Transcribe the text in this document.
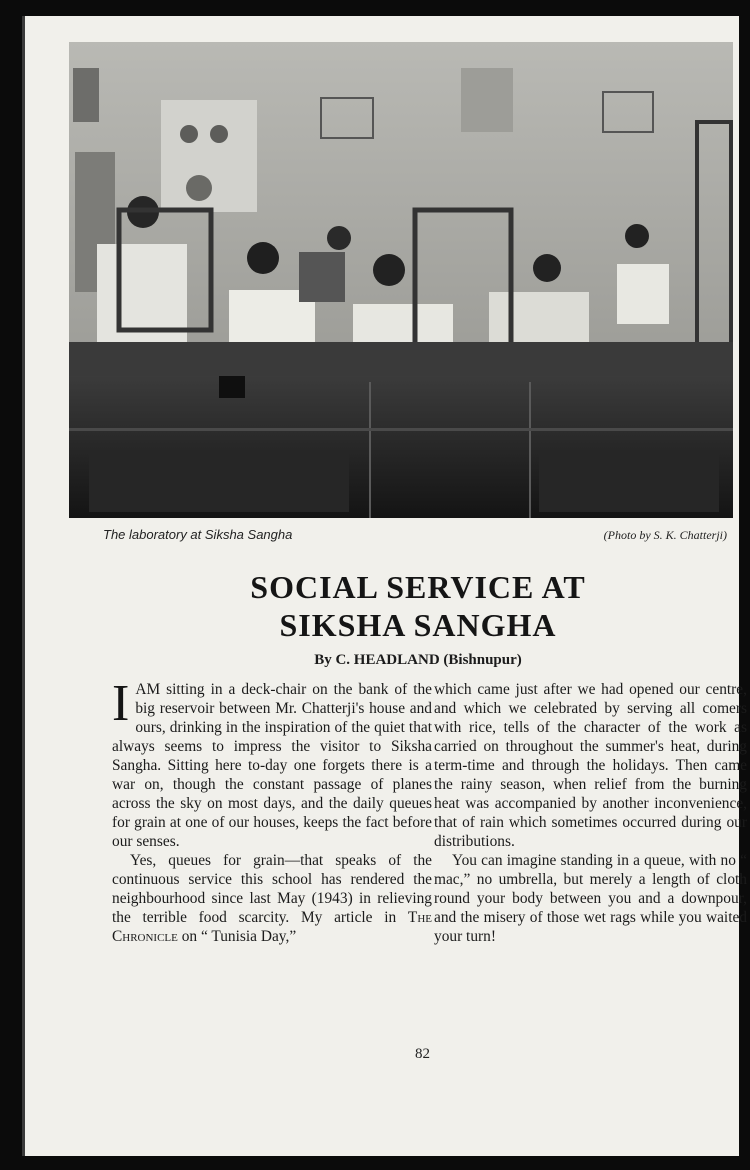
The laboratory at Siksha Sangha	(Photo by S. K. Chatterji)
SOCIAL SERVICE AT
SIKSHA SANGHA
By C. HEADLAND (Bishnupur)

IAM sitting in a deck-chair on the bank of the big reservoir between Mr. Chatterji's house and ours, drinking in the inspiration of the quiet that always seems to impress the visitor to Siksha Sangha. Sitting here to-day one forgets there is a war on, though the constant passage of planes across the sky on most days, and the daily queues for grain at one of our houses, keeps the fact before our senses.

Yes, queues for grain—that speaks of the continuous service this school has rendered the neighbourhood since last May (1943) in relieving the terrible food scarcity. My article in The Chronicle on “ Tunisia Day,”

which came just after we had opened our centre, and which we celebrated by serving all comers with rice, tells of the character of the work as carried on throughout the summer's heat, during term-time and through the holidays. Then came the rainy season, when relief from the burning heat was accompanied by another inconvenience, that of rain which sometimes occurred during our distributions.

You can imagine standing in a queue, with no “ mac,” no umbrella, but merely a length of cloth round your body between you and a downpour, and the misery of those wet rags while you waited your turn!

82
